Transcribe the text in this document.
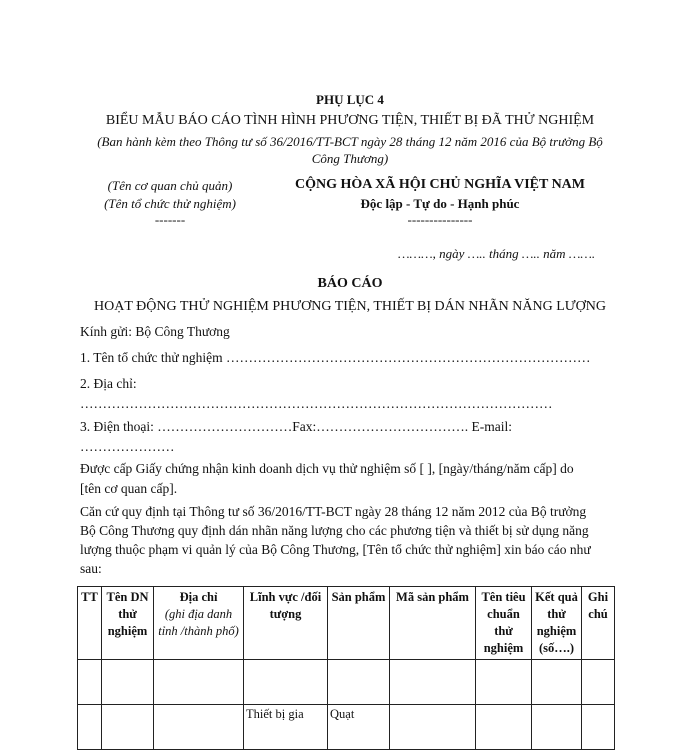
PHỤ LỤC 4
BIỂU MẪU BÁO CÁO TÌNH HÌNH PHƯƠNG TIỆN, THIẾT BỊ ĐÃ THỬ NGHIỆM
(Ban hành kèm theo Thông tư số 36/2016/TT-BCT ngày 28 tháng 12 năm 2016 của Bộ trưởng Bộ
Công Thương)
(Tên cơ quan chủ quản)
(Tên tổ chức thử nghiệm)
-------
CỘNG HÒA XÃ HỘI CHỦ NGHĨA VIỆT NAM
Độc lập - Tự do - Hạnh phúc
---------------
………, ngày ….. tháng ….. năm …….
BÁO CÁO
HOẠT ĐỘNG THỬ NGHIỆM PHƯƠNG TIỆN, THIẾT BỊ DÁN NHÃN NĂNG LƯỢNG
Kính gửi: Bộ Công Thương
1. Tên tổ chức thử nghiệm ………………………………………………………………………
2. Địa chỉ:
……………………………………………………………………………………………
3. Điện thoại: …………………………Fax:……………………………. E-mail:
…………………
Được cấp Giấy chứng nhận kinh doanh dịch vụ thử nghiệm số [ ], [ngày/tháng/năm cấp] do
[tên cơ quan cấp].
Căn cứ quy định tại Thông tư số 36/2016/TT-BCT ngày 28 tháng 12 năm 2012 của Bộ trưởng
Bộ Công Thương quy định dán nhãn năng lượng cho các phương tiện và thiết bị sử dụng năng
lượng thuộc phạm vi quản lý của Bộ Công Thương, [Tên tổ chức thử nghiệm] xin báo cáo như
sau:
TT	Tên DN thử nghiệm	Địa chỉ
(ghi địa danh tỉnh /thành phố)	Lĩnh vực /đối tượng	Sản phẩm	Mã sản phẩm	Tên tiêu chuẩn thử nghiệm	Kết quả thử nghiệm (số….)	Ghi chú

			Thiết bị gia	Quạt				
